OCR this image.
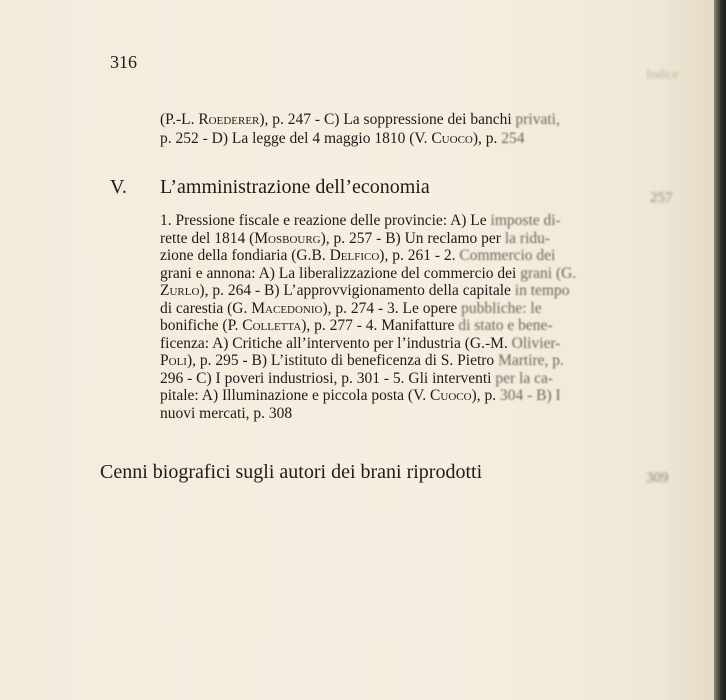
316
Indice
(P.-L. Roederer), p. 247 - C) La soppressione dei banchi privati,
p. 252 - D) La legge del 4 maggio 1810 (V. Cuoco), p. 254
V. L’amministrazione dell’economia	257
1. Pressione fiscale e reazione delle provincie: A) Le imposte di-
rette del 1814 (Mosbourg), p. 257 - B) Un reclamo per la ridu-
zione della fondiaria (G.B. Delfico), p. 261 - 2. Commercio dei
grani e annona: A) La liberalizzazione del commercio dei grani (G.
Zurlo), p. 264 - B) L’approvvigionamento della capitale in tempo
di carestia (G. Macedonio), p. 274 - 3. Le opere pubbliche: le
bonifiche (P. Colletta), p. 277 - 4. Manifatture di stato e bene-
ficenza: A) Critiche all’intervento per l’industria (G.-M. Olivier-
Poli), p. 295 - B) L’istituto di beneficenza di S. Pietro Martire, p.
296 - C) I poveri industriosi, p. 301 - 5. Gli interventi per la ca-
pitale: A) Illuminazione e piccola posta (V. Cuoco), p. 304 - B) I
nuovi mercati, p. 308
Cenni biografici sugli autori dei brani riprodotti	309
